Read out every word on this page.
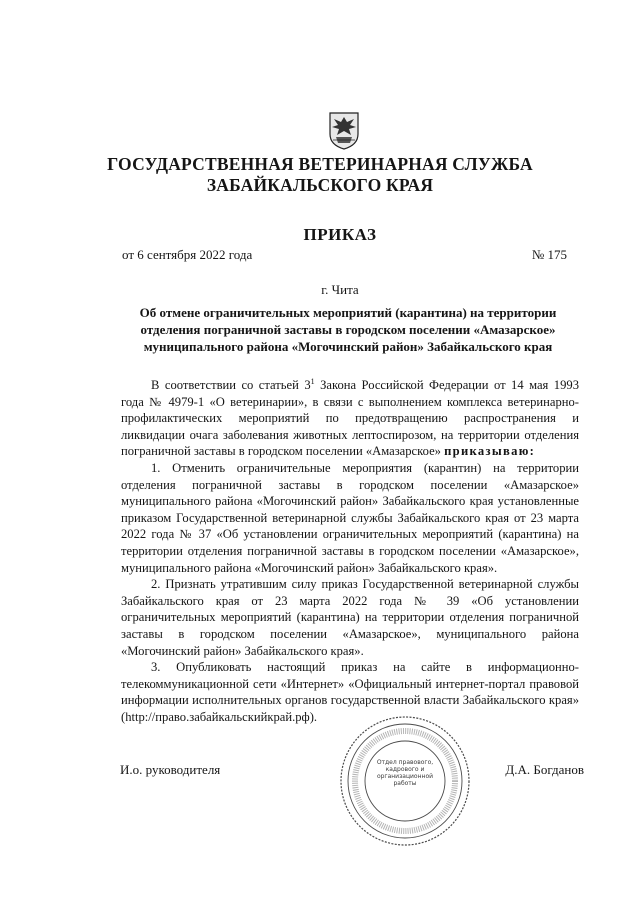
ГОСУДАРСТВЕННАЯ ВЕТЕРИНАРНАЯ СЛУЖБА
ЗАБАЙКАЛЬСКОГО КРАЯ
ПРИКАЗ
от 6 сентября 2022 года	№ 175
г. Чита
Об отмене ограничительных мероприятий (карантина) на территории отделения пограничной заставы в городском поселении «Амазарское» муниципального района «Могочинский район» Забайкальского края

В соответствии со статьей $3^1$ Закона Российской Федерации от 14 мая 1993 года № 4979-1 «О ветеринарии», в связи с выполнением комплекса ветеринарно-профилактических мероприятий по предотвращению распространения и ликвидации очага заболевания животных лептоспирозом, на территории отделения пограничной заставы в городском поселении «Амазарское» приказываю:

1. Отменить ограничительные мероприятия (карантин) на территории отделения пограничной заставы в городском поселении «Амазарское» муниципального района «Могочинский район» Забайкальского края установленные приказом Государственной ветеринарной службы Забайкальского края от 23 марта 2022 года № 37 «Об установлении ограничительных мероприятий (карантина) на территории отделения пограничной заставы в городском поселении «Амазарское», муниципального района «Могочинский район» Забайкальского края».

2. Признать утратившим силу приказ Государственной ветеринарной службы Забайкальского края от 23 марта 2022 года № 39 «Об установлении ограничительных мероприятий (карантина) на территории отделения пограничной заставы в городском поселении «Амазарское», муниципального района «Могочинский район» Забайкальского края».

3. Опубликовать настоящий приказ на сайте в информационно-телекоммуникационной сети «Интернет» «Официальный интернет-портал правовой информации исполнительных органов государственной власти Забайкальского края» (http://право.забайкальскийкрай.рф).

Отдел правового, кадрового и организационной работы
И.о. руководителя	Д.А. Богданов
